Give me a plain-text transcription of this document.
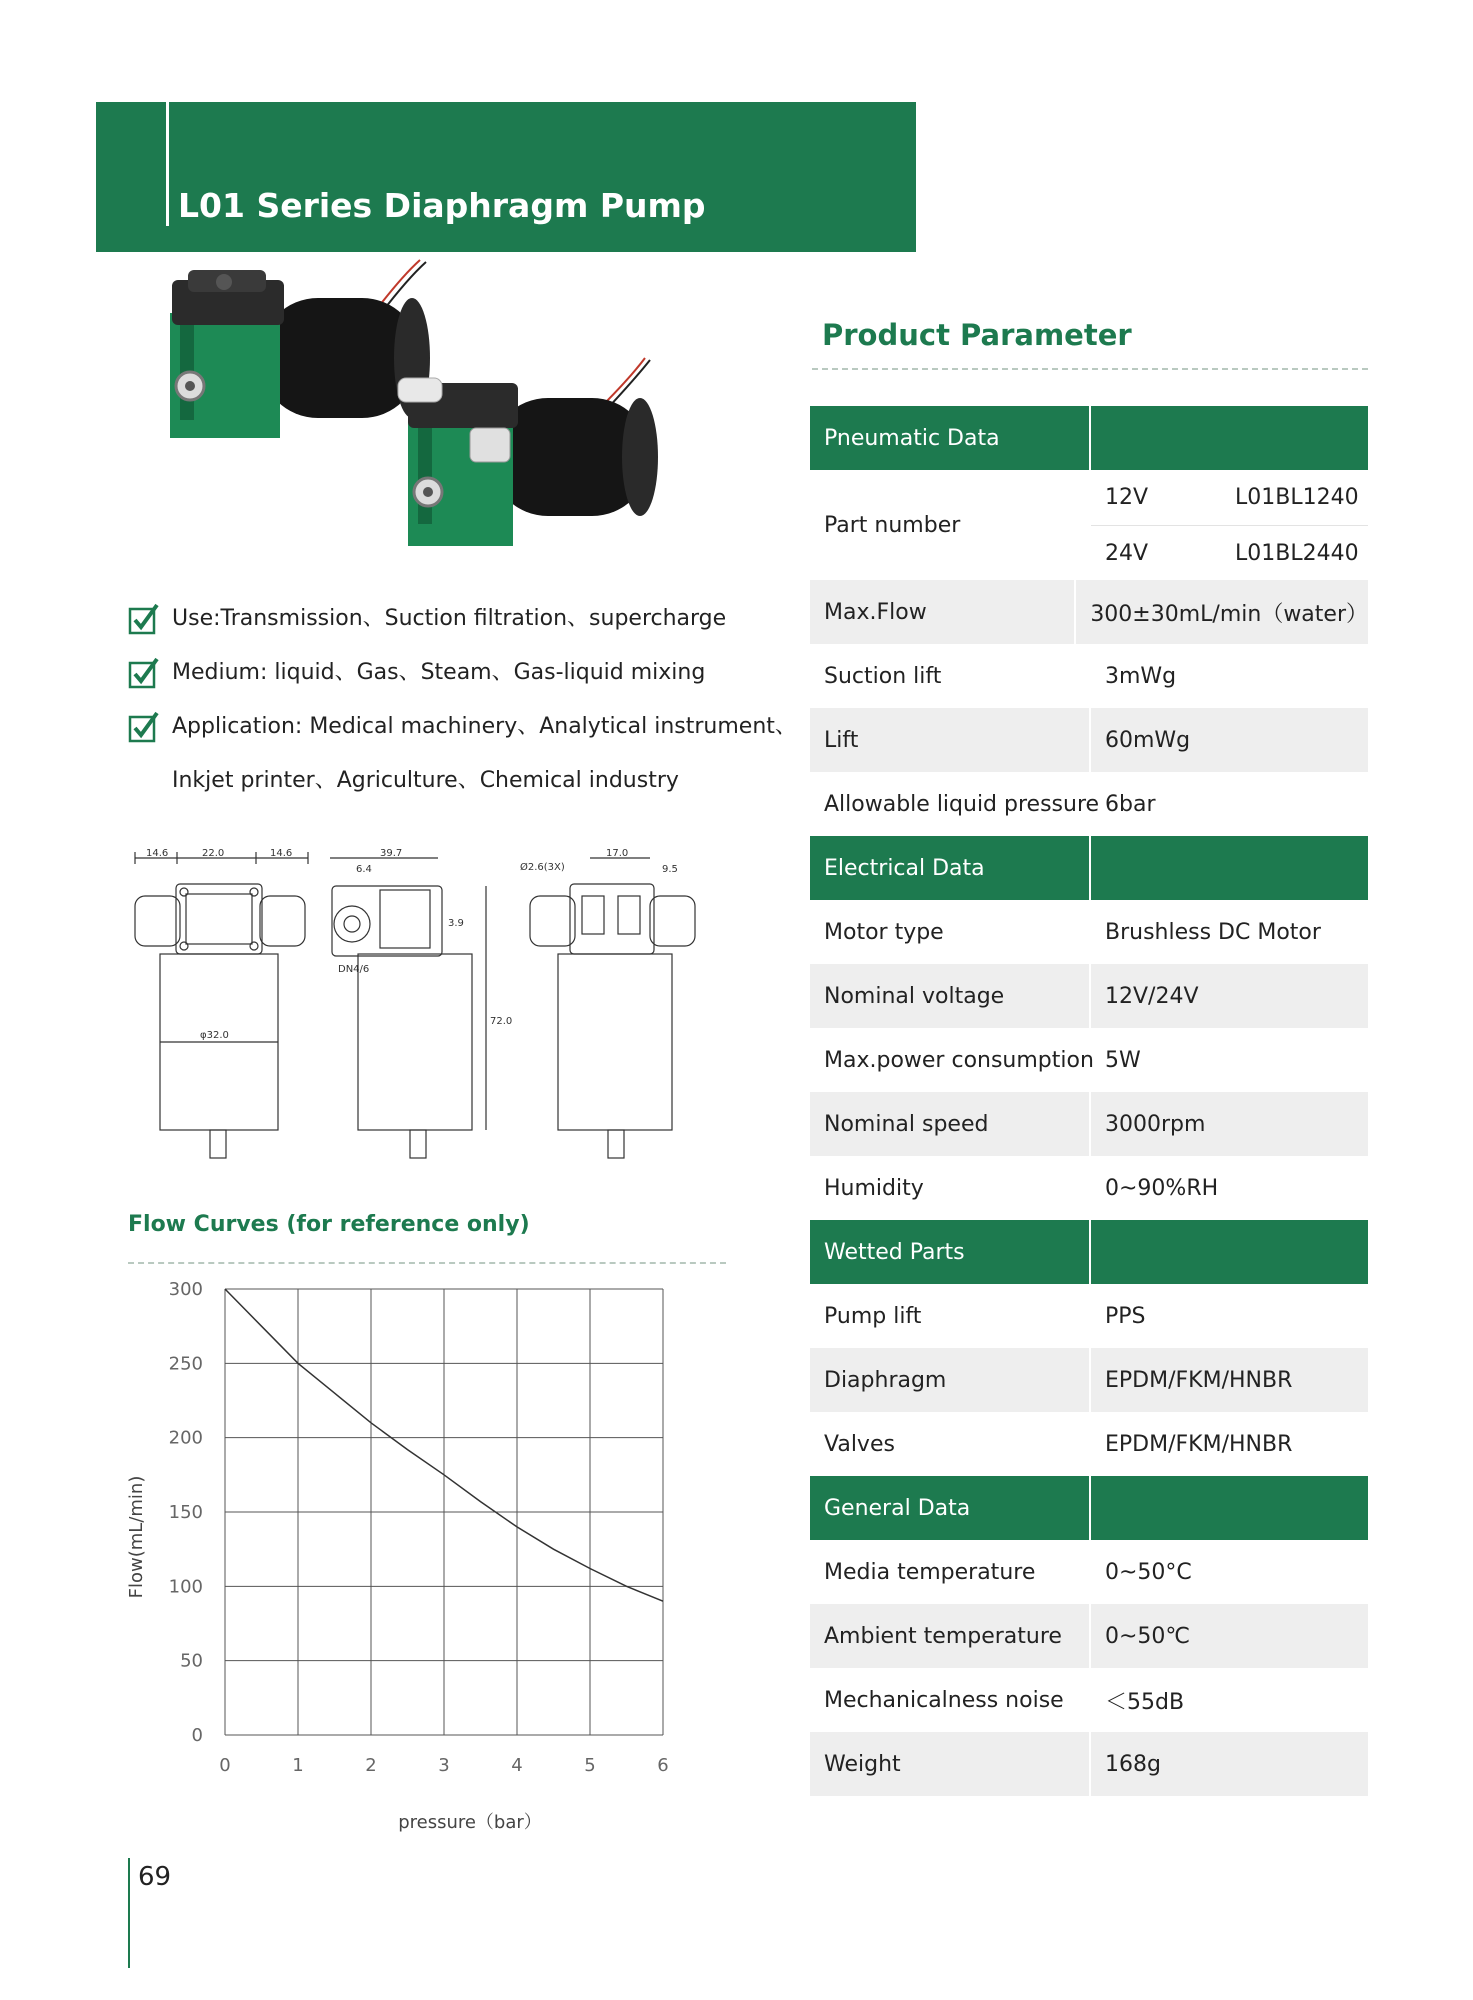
L01 Series Diaphragm Pump
Use:Transmission、Suction filtration、supercharge
Medium: liquid、Gas、Steam、Gas-liquid mixing
Application: Medical machinery、Analytical instrument、
Inkjet printer、Agriculture、Chemical industry
14.6	22.0	14.6
φ32.0
39.7
6.4
DN4/6
3.9
72.0
17.0
9.5
Ø2.6(3X)
Flow Curves (for reference only)
0
50
100
150
200
250
300
0	1	2	3	4	5	6
Flow(mL/min)
pressure（bar）
69
Product Parameter
Pneumatic Data
Part number
12V	L01BL1240
24V	L01BL2440
Max.Flow	300±30mL/min（water）
Suction lift	3mWg
Lift	60mWg
Allowable liquid pressure 6bar
Electrical Data
Motor type	Brushless DC Motor
Nominal voltage	12V/24V
Max.power consumption 5W
Nominal speed	3000rpm
Humidity	0~90%RH
Wetted Parts
Pump lift	PPS
Diaphragm	EPDM/FKM/HNBR
Valves	EPDM/FKM/HNBR
General Data
Media temperature	0~50°C
Ambient temperature	0~50℃
Mechanicalness noise	＜55dB
Weight	168g
